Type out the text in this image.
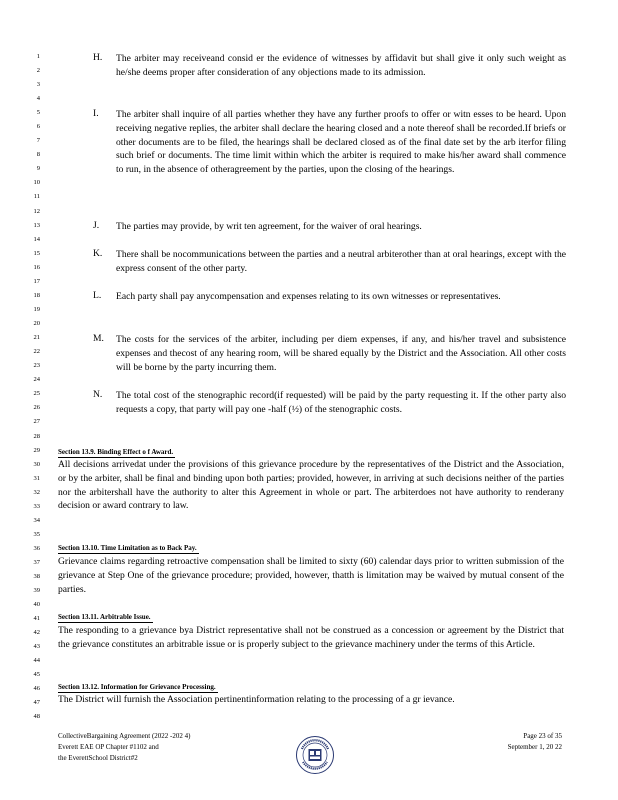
1
2
3
4
5
6
7
8
9
10
11
12
13
14
15
16
17
18
19
20
21
22
23
24
25
26
27
28
29
30
31
32
33
34
35
36
37
38
39
40
41
42
43
44
45
46
47
48
H. The arbiter may receiveand consid er the evidence of witnesses by affidavit but shall give it only such weight as he/she deems proper after consideration of any objections made to its admission.
I. The arbiter shall inquire of all parties whether they have any further proofs to offer or witn esses to be heard. Upon receiving negative replies, the arbiter shall declare the hearing closed and a note thereof shall be recorded.If briefs or other documents are to be filed, the hearings shall be declared closed as of the final date set by the arb iterfor filing such brief or documents. The time limit within which the arbiter is required to make his/her award shall commence to run, in the absence of otheragreement by the parties, upon the closing of the hearings.
J. The parties may provide, by writ ten agreement, for the waiver of oral hearings.
K. There shall be nocommunications between the parties and a neutral arbiterother than at oral hearings, except with the express consent of the other party.
L. Each party shall pay anycompensation and expenses relating to its own witnesses or representatives.
M. The costs for the services of the arbiter, including per diem expenses, if any, and his/her travel and subsistence expenses and thecost of any hearing room, will be shared equally by the District and the Association. All other costs will be borne by the party incurring them.
N. The total cost of the stenographic record(if requested) will be paid by the party requesting it. If the other party also requests a copy, that party will pay one -half (½) of the stenographic costs.
Section 13.9. Binding Effect o f Award.
All decisions arrivedat under the provisions of this grievance procedure by the representatives of the District and the Association, or by the arbiter, shall be final and binding upon both parties; provided, however, in arriving at such decisions neither of the parties nor the arbitershall have the authority to alter this Agreement in whole or part. The arbiterdoes not have authority to renderany decision or award contrary to law.
Section 13.10. Time Limitation as to Back Pay.
Grievance claims regarding retroactive compensation shall be limited to sixty (60) calendar days prior to written submission of the grievance at Step One of the grievance procedure; provided, however, thatth is limitation may be waived by mutual consent of the parties.
Section 13.11. Arbitrable Issue.
The responding to a grievance bya District representative shall not be construed as a concession or agreement by the District that the grievance constitutes an arbitrable issue or is properly subject to the grievance machinery under the terms of this Article.
Section 13.12. Information for Grievance Processing.
The District will furnish the Association pertinentinformation relating to the processing of a gr ievance.
CollectiveBargaining Agreement (2022 -202 4)
Everett EAE OP Chapter #1102 and
the EverettSchool District#2
Page 23 of 35
September 1, 20 22
